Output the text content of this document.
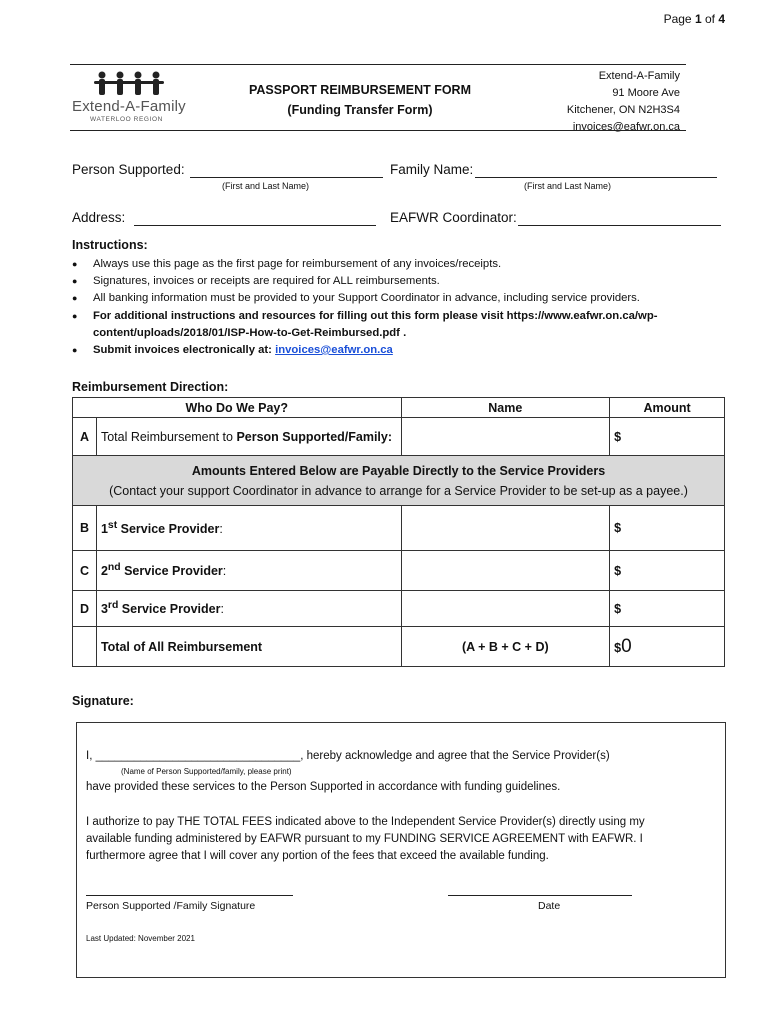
Page 1 of 4
Extend-A-Family
WATERLOO REGION
PASSPORT REIMBURSEMENT FORM
(Funding Transfer Form)
Extend-A-Family
91 Moore Ave
Kitchener, ON N2H3S4
invoices@eafwr.on.ca
Person Supported:
(First and Last Name)
Family Name:
(First and Last Name)
Address:	EAFWR Coordinator:
Instructions:
● Always use this page as the first page for reimbursement of any invoices/receipts.
● Signatures, invoices or receipts are required for ALL reimbursements.
● All banking information must be provided to your Support Coordinator in advance, including service providers.
● For additional instructions and resources for filling out this form please visit https://www.eafwr.on.ca/wp-content/uploads/2018/01/ISP-How-to-Get-Reimbursed.pdf .
● Submit invoices electronically at: invoices@eafwr.on.ca
Reimbursement Direction:
Who Do We Pay?		Name	Amount
A	Total Reimbursement to Person Supported/Family:		$

Amounts Entered Below are Payable Directly to the Service Providers
(Contact your support Coordinator in advance to arrange for a Service Provider to be set-up as a payee.)			

B	1st Service Provider:		$
C	2nd Service Provider:		$
D	3rd Service Provider:		$
	Total of All Reimbursement	(A + B + C + D)	$0
Signature:
I, ________________________________, hereby acknowledge and agree that the Service Provider(s)
(Name of Person Supported/family, please print)
have provided these services to the Person Supported in accordance with funding guidelines.
I authorize to pay THE TOTAL FEES indicated above to the Independent Service Provider(s) directly using my
available funding administered by EAFWR pursuant to my FUNDING SERVICE AGREEMENT with EAFWR. I
furthermore agree that I will cover any portion of the fees that exceed the available funding.
Person Supported /Family Signature	Date
Last Updated: November 2021
